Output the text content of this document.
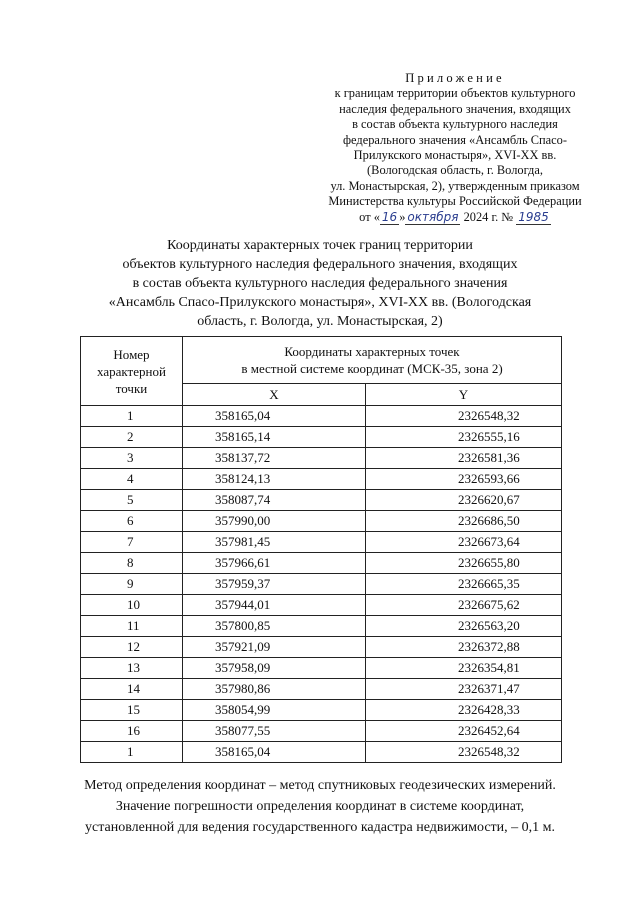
Приложение
к границам территории объектов культурного
наследия федерального значения, входящих
в состав объекта культурного наследия
федерального значения «Ансамбль Спасо-
Прилукского монастыря», XVI-XX вв.
(Вологодская область, г. Вологда,
ул. Монастырская, 2), утвержденным приказом
Министерства культуры Российской Федерации
от « 16 » октября 2024 г. № 1985
Координаты характерных точек границ территории
объектов культурного наследия федерального значения, входящих
в состав объекта культурного наследия федерального значения
«Ансамбль Спасо-Прилукского монастыря», XVI-XX вв. (Вологодская
область, г. Вологда, ул. Монастырская, 2)
Номер характерной точки	Координаты характерных точек
в местной системе координат (МСК-35, зона 2)	

	X	Y
1	358165,04	2326548,32
2	358165,14	2326555,16
3	358137,72	2326581,36
4	358124,13	2326593,66
5	358087,74	2326620,67
6	357990,00	2326686,50
7	357981,45	2326673,64
8	357966,61	2326655,80
9	357959,37	2326665,35
10	357944,01	2326675,62
11	357800,85	2326563,20
12	357921,09	2326372,88
13	357958,09	2326354,81
14	357980,86	2326371,47
15	358054,99	2326428,33
16	358077,55	2326452,64
1	358165,04	2326548,32
Метод определения координат – метод спутниковых геодезических измерений.
Значение погрешности определения координат в системе координат,
установленной для ведения государственного кадастра недвижимости, – 0,1 м.
